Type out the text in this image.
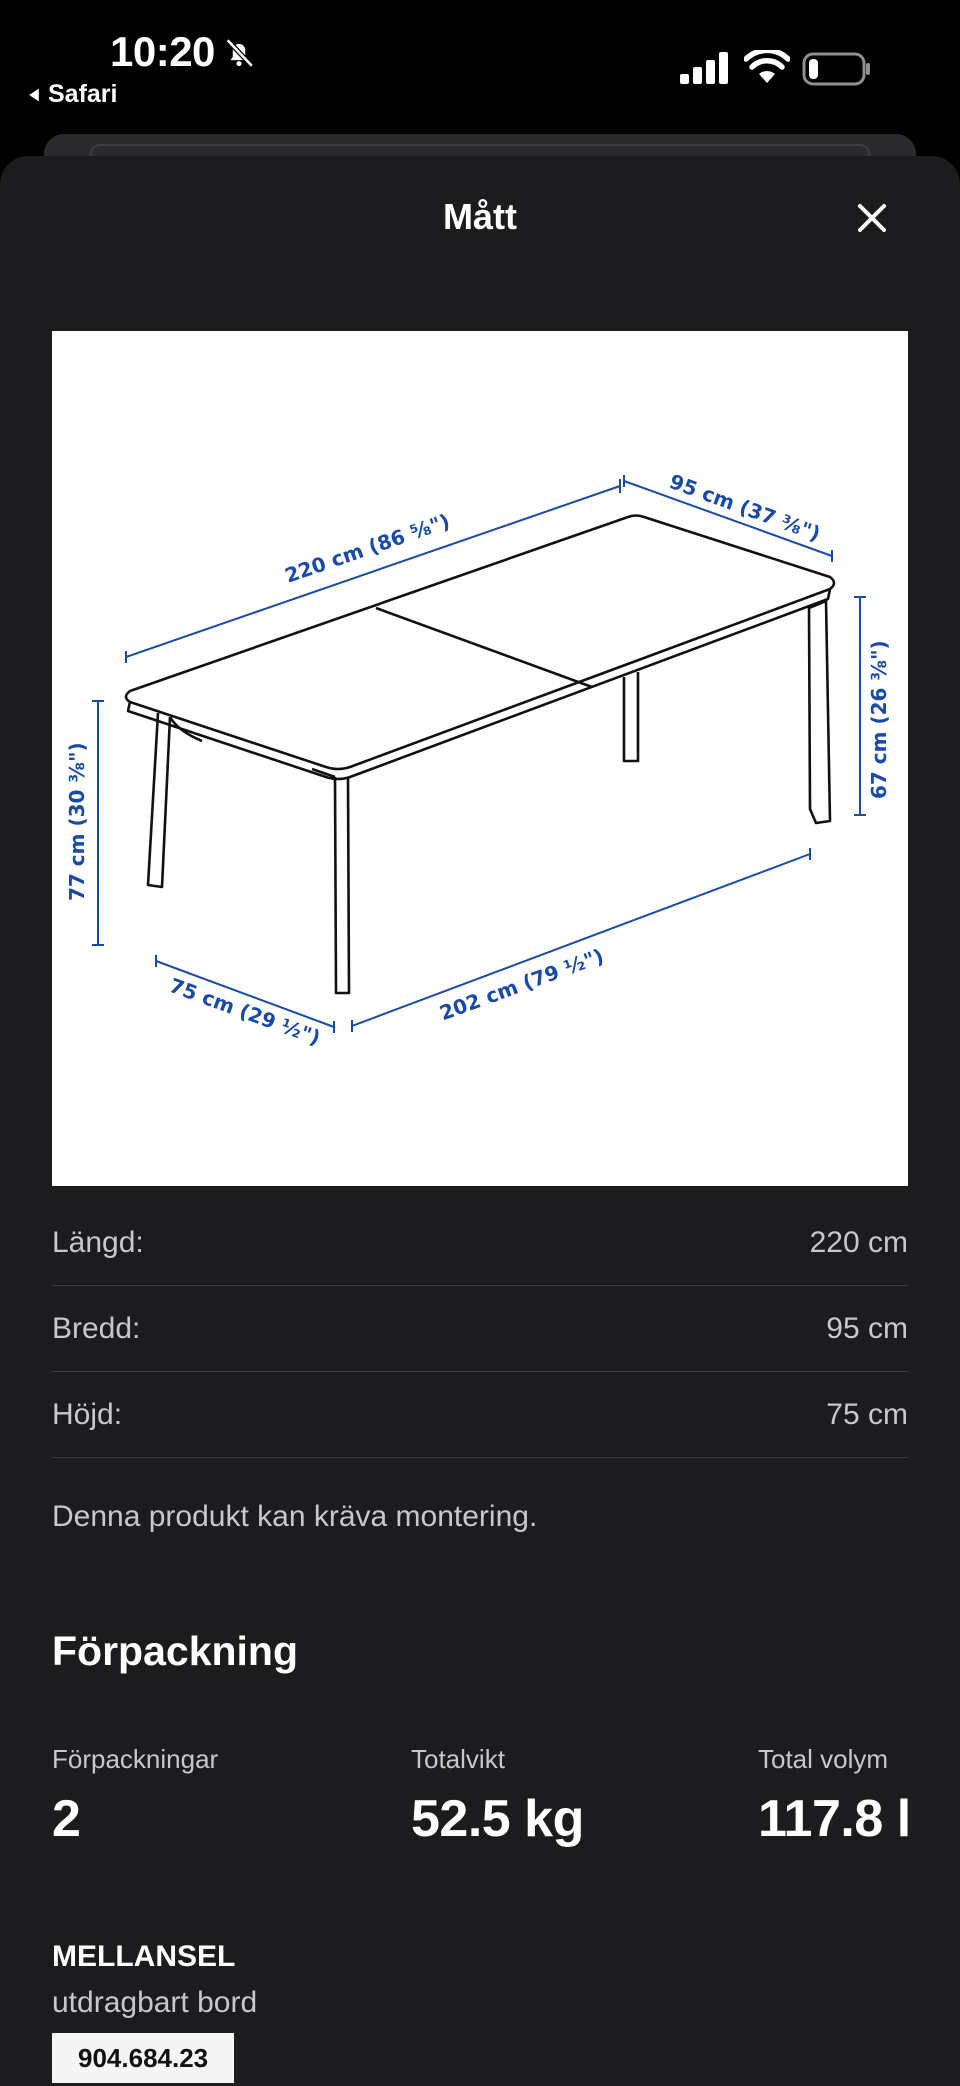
10:20
Safari
Mått
220 cm (86 ⅝")
95 cm (37 ⅜")
67 cm (26 ⅜")
77 cm (30 ⅜")
75 cm (29 ½")	202 cm (79 ½")
Längd:	220 cm
Bredd:	95 cm
Höjd:	75 cm
Denna produkt kan kräva montering.
Förpackning
Förpackningar
2
Totalvikt
52.5 kg
Total volym
117.8 l
MELLANSEL
utdragbart bord
904.684.23
